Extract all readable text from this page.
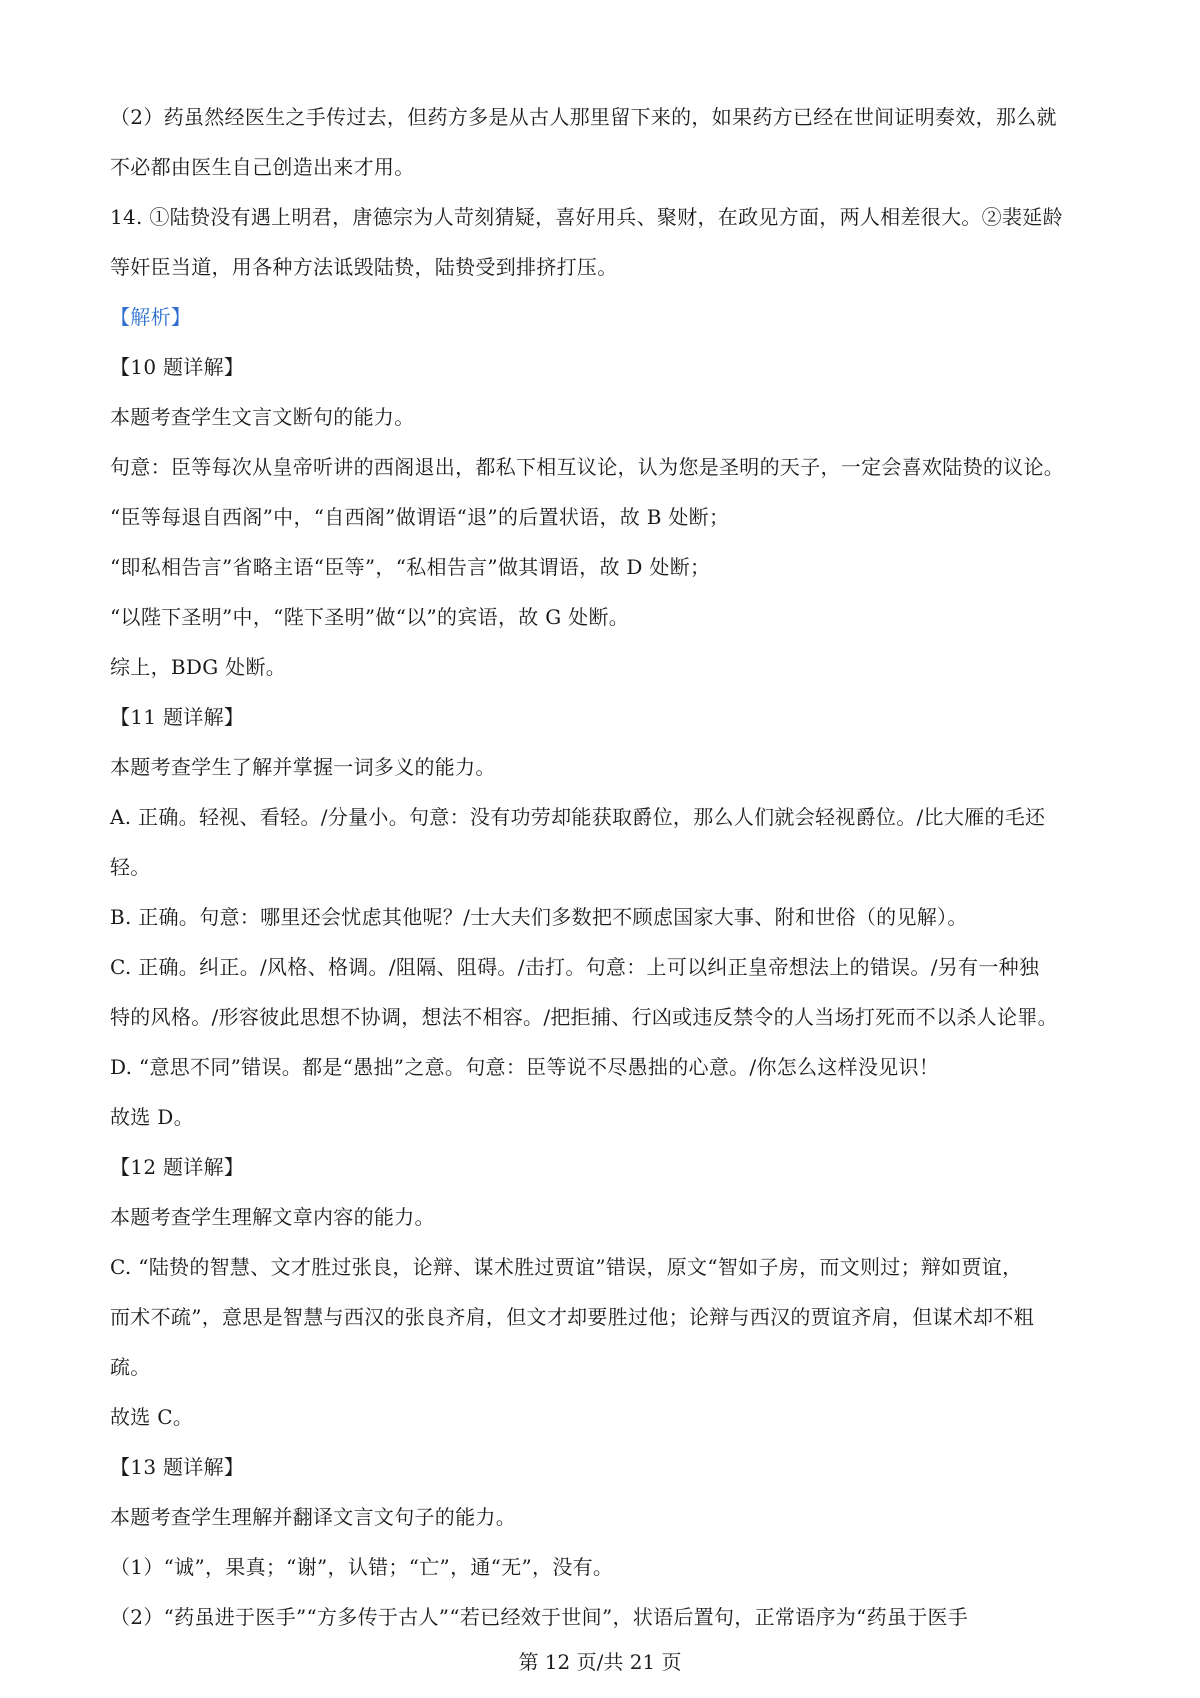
（2）药虽然经医生之手传过去，但药方多是从古人那里留下来的，如果药方已经在世间证明奏效，那么就

不必都由医生自己创造出来才用。

14. ①陆贽没有遇上明君，唐德宗为人苛刻猜疑，喜好用兵、聚财，在政见方面，两人相差很大。②裴延龄

等奸臣当道，用各种方法诋毁陆贽，陆贽受到排挤打压。

【解析】

【10 题详解】

本题考查学生文言文断句的能力。

句意：臣等每次从皇帝听讲的西阁退出，都私下相互议论，认为您是圣明的天子，一定会喜欢陆贽的议论。

“臣等每退自西阁”中，“自西阁”做谓语“退”的后置状语，故 B 处断；

“即私相告言”省略主语“臣等”，“私相告言”做其谓语，故 D 处断；

“以陛下圣明”中，“陛下圣明”做“以”的宾语，故 G 处断。

综上，BDG 处断。

【11 题详解】

本题考查学生了解并掌握一词多义的能力。

A. 正确。轻视、看轻。/分量小。句意：没有功劳却能获取爵位，那么人们就会轻视爵位。/比大雁的毛还

轻。

B. 正确。句意：哪里还会忧虑其他呢？/士大夫们多数把不顾虑国家大事、附和世俗（的见解）。

C. 正确。纠正。/风格、格调。/阻隔、阻碍。/击打。句意：上可以纠正皇帝想法上的错误。/另有一种独

特的风格。/形容彼此思想不协调，想法不相容。/把拒捕、行凶或违反禁令的人当场打死而不以杀人论罪。

D. “意思不同”错误。都是“愚拙”之意。句意：臣等说不尽愚拙的心意。/你怎么这样没见识！

故选 D。

【12 题详解】

本题考查学生理解文章内容的能力。

C. “陆贽的智慧、文才胜过张良，论辩、谋术胜过贾谊”错误，原文“智如子房，而文则过；辩如贾谊，

而术不疏”，意思是智慧与西汉的张良齐肩，但文才却要胜过他；论辩与西汉的贾谊齐肩，但谋术却不粗

疏。

故选 C。

【13 题详解】

本题考查学生理解并翻译文言文句子的能力。

（1）“诚”，果真；“谢”，认错；“亡”，通“无”，没有。

（2）“药虽进于医手”“方多传于古人”“若已经效于世间”，状语后置句，正常语序为“药虽于医手

第 12 页/共 21 页
